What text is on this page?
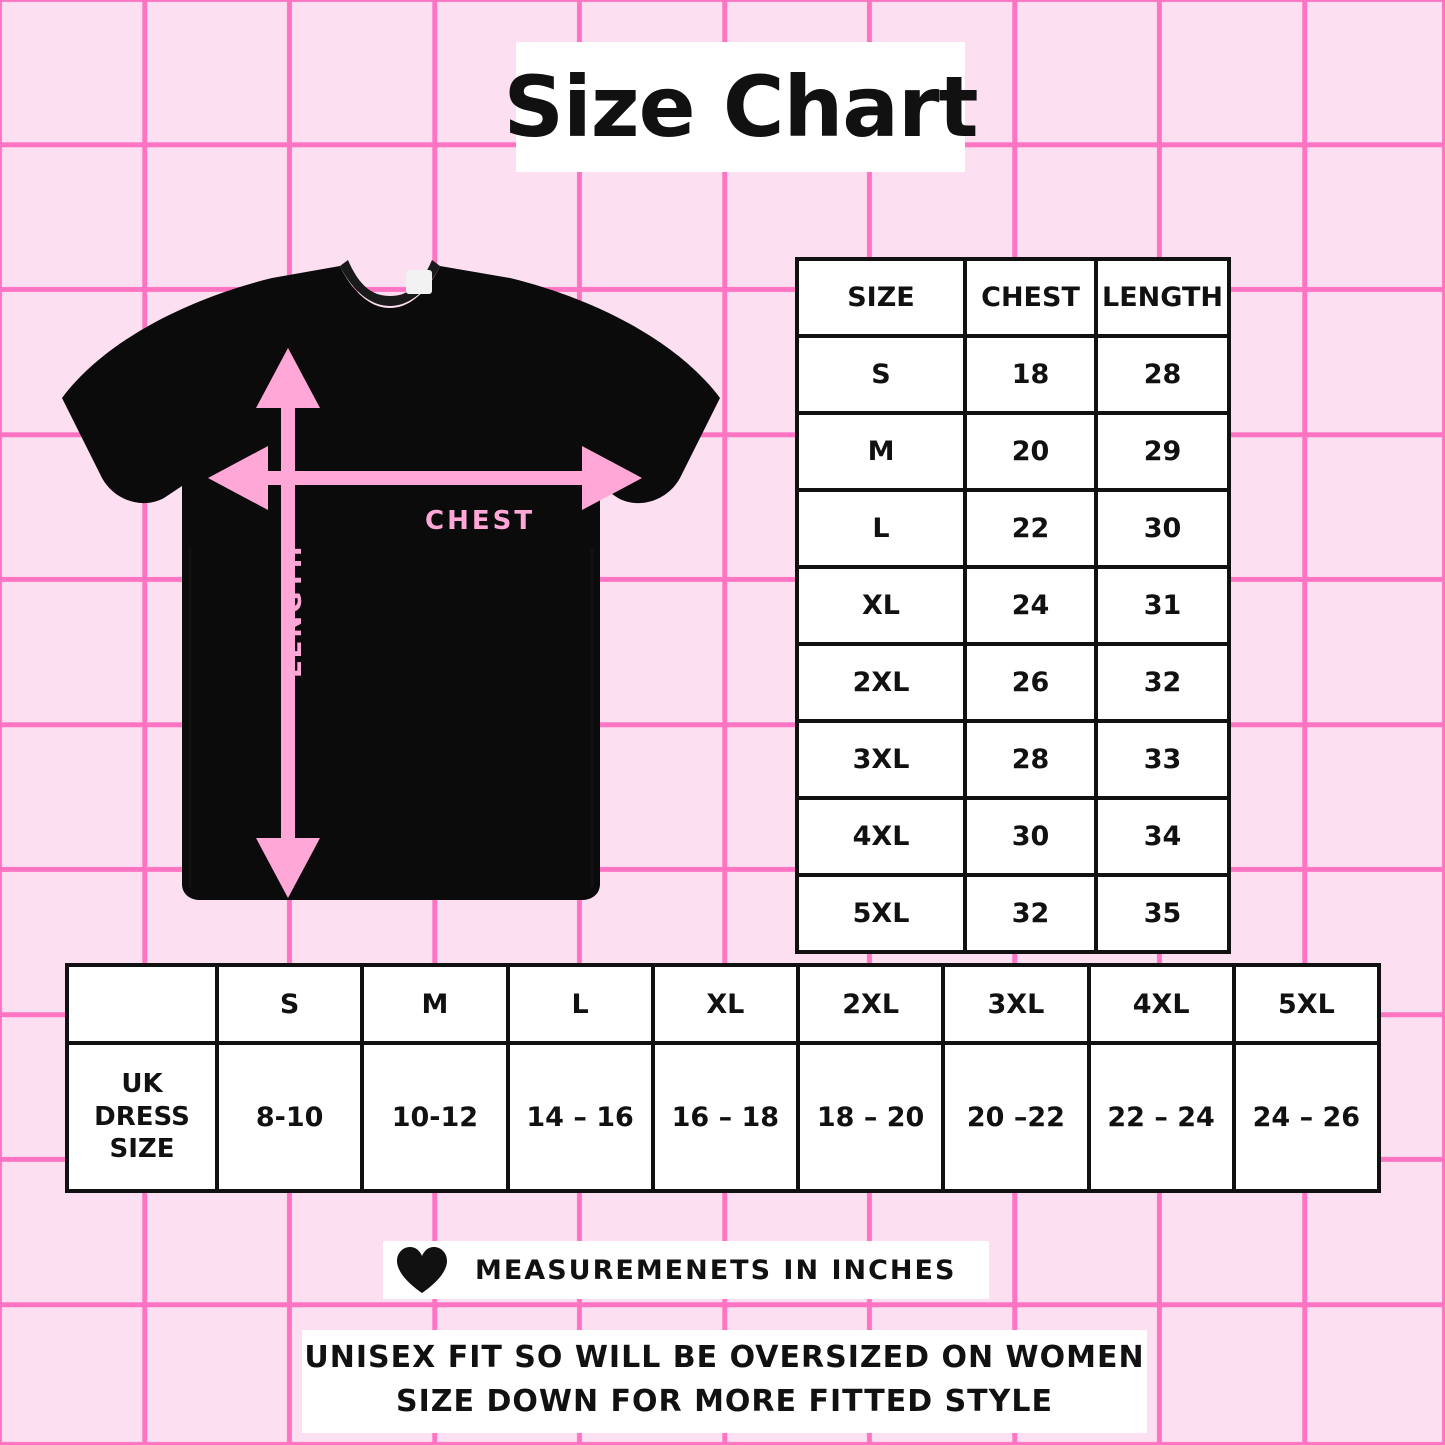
Size Chart
CHEST
LENGTH
SIZE	CHEST	LENGTH
S	18	28
M	20	29
L	22	30
XL	24	31
2XL	26	32
3XL	28	33
4XL	30	34
5XL	32	35
	S	M	L	XL	2XL	3XL	4XL	5XL

UK
DRESS
SIZE	8-10	10-12	14 – 16	16 – 18	18 – 20	20 –22	22 – 24	24 – 26
MEASUREMENETS IN INCHES
UNISEX FIT SO WILL BE OVERSIZED ON WOMEN
SIZE DOWN FOR MORE FITTED STYLE
